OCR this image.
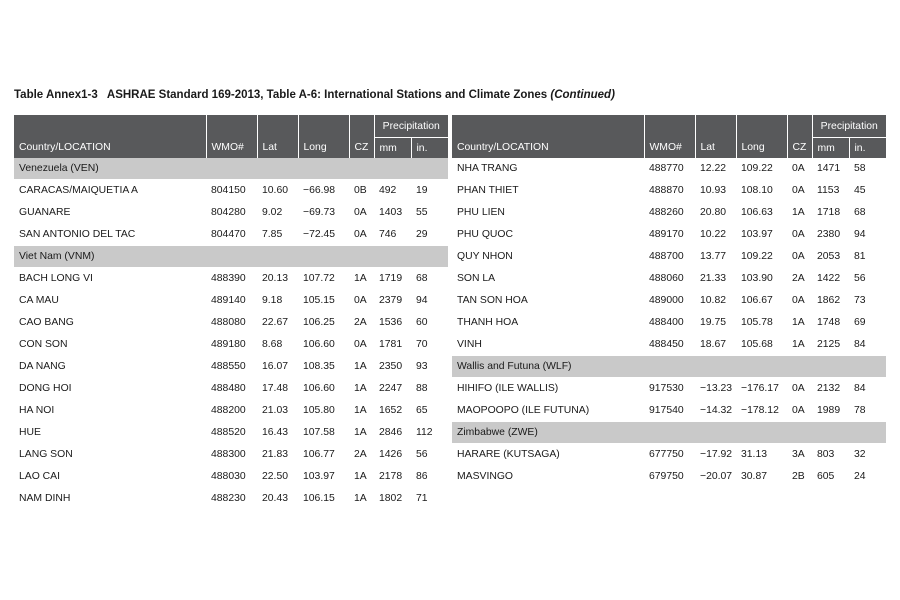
Table Annex1-3 ASHRAE Standard 169-2013, Table A-6: International Stations and Climate Zones (Continued)
					Precipitation	
Country/LOCATION	WMO#	Lat	Long	CZ	mm	in.
Venezuela (VEN)						
CARACAS/MAIQUETIA A	804150	10.60	−66.98	0B	492	19
GUANARE	804280	9.02	−69.73	0A	1403	55
SAN ANTONIO DEL TAC	804470	7.85	−72.45	0A	746	29
Viet Nam (VNM)						
BACH LONG VI	488390	20.13	107.72	1A	1719	68
CA MAU	489140	9.18	105.15	0A	2379	94
CAO BANG	488080	22.67	106.25	2A	1536	60
CON SON	489180	8.68	106.60	0A	1781	70
DA NANG	488550	16.07	108.35	1A	2350	93
DONG HOI	488480	17.48	106.60	1A	2247	88
HA NOI	488200	21.03	105.80	1A	1652	65
HUE	488520	16.43	107.58	1A	2846	112
LANG SON	488300	21.83	106.77	2A	1426	56
LAO CAI	488030	22.50	103.97	1A	2178	86
NAM DINH	488230	20.43	106.15	1A	1802	71
					Precipitation	
Country/LOCATION	WMO#	Lat	Long	CZ	mm	in.
NHA TRANG	488770	12.22	109.22	0A	1471	58
PHAN THIET	488870	10.93	108.10	0A	1153	45
PHU LIEN	488260	20.80	106.63	1A	1718	68
PHU QUOC	489170	10.22	103.97	0A	2380	94
QUY NHON	488700	13.77	109.22	0A	2053	81
SON LA	488060	21.33	103.90	2A	1422	56
TAN SON HOA	489000	10.82	106.67	0A	1862	73
THANH HOA	488400	19.75	105.78	1A	1748	69
VINH	488450	18.67	105.68	1A	2125	84
Wallis and Futuna (WLF)						
HIHIFO (ILE WALLIS)	917530	−13.23	−176.17	0A	2132	84
MAOPOOPO (ILE FUTUNA)	917540	−14.32	−178.12	0A	1989	78
Zimbabwe (ZWE)						
HARARE (KUTSAGA)	677750	−17.92	31.13	3A	803	32
MASVINGO	679750	−20.07	30.87	2B	605	24
